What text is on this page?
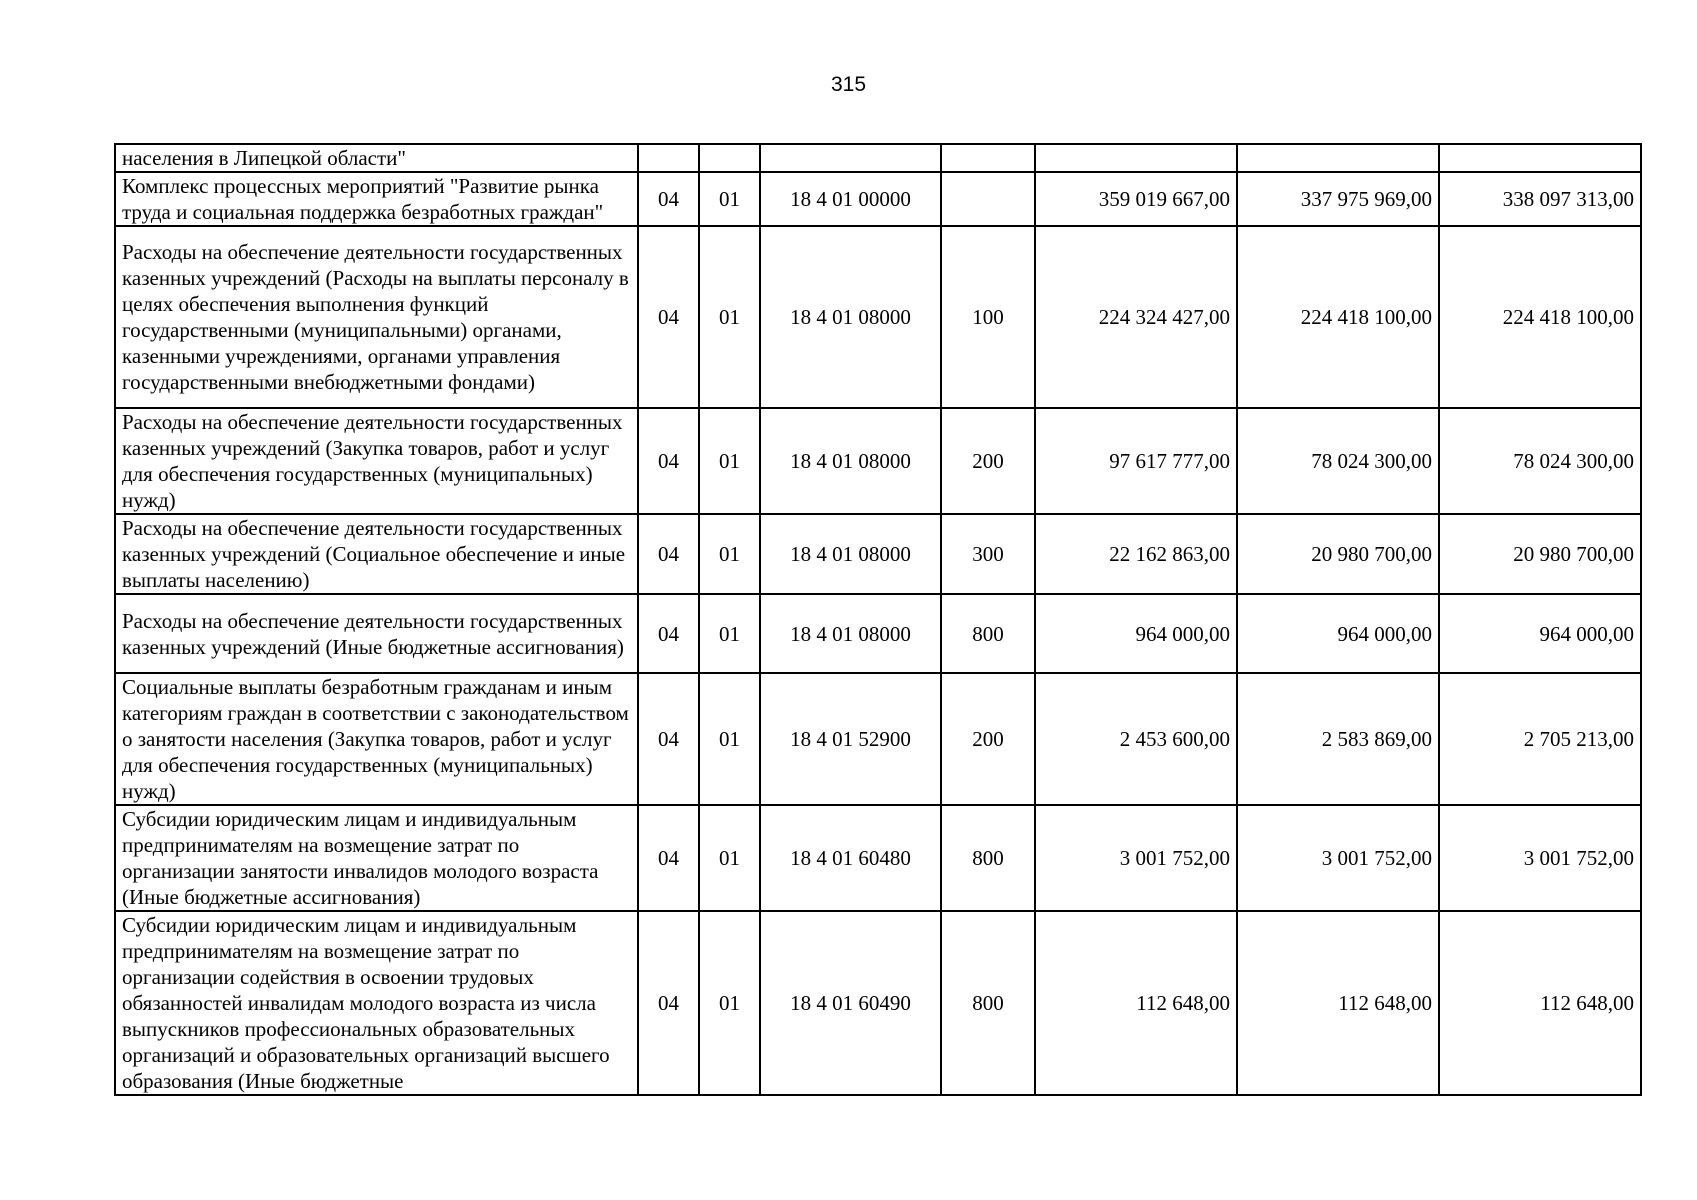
315
населения в Липецкой области"							
Комплекс процессных мероприятий "Развитие рынка труда и социальная поддержка безработных граждан"	04	01	18 4 01 00000		359 019 667,00	337 975 969,00	338 097 313,00
Расходы на обеспечение деятельности государственных казенных учреждений (Расходы на выплаты персоналу в целях обеспечения выполнения функций государственными (муниципальными) органами, казенными учреждениями, органами управления государственными внебюджетными фондами)	04	01	18 4 01 08000	100	224 324 427,00	224 418 100,00	224 418 100,00
Расходы на обеспечение деятельности государственных казенных учреждений (Закупка товаров, работ и услуг для обеспечения государственных (муниципальных) нужд)	04	01	18 4 01 08000	200	97 617 777,00	78 024 300,00	78 024 300,00
Расходы на обеспечение деятельности государственных казенных учреждений (Социальное обеспечение и иные выплаты населению)	04	01	18 4 01 08000	300	22 162 863,00	20 980 700,00	20 980 700,00
Расходы на обеспечение деятельности государственных казенных учреждений (Иные бюджетные ассигнования)	04	01	18 4 01 08000	800	964 000,00	964 000,00	964 000,00
Социальные выплаты безработным гражданам и иным категориям граждан в соответствии с законодательством о занятости населения (Закупка товаров, работ и услуг для обеспечения государственных (муниципальных) нужд)	04	01	18 4 01 52900	200	2 453 600,00	2 583 869,00	2 705 213,00
Субсидии юридическим лицам и индивидуальным предпринимателям на возмещение затрат по организации занятости инвалидов молодого возраста (Иные бюджетные ассигнования)	04	01	18 4 01 60480	800	3 001 752,00	3 001 752,00	3 001 752,00
Субсидии юридическим лицам и индивидуальным предпринимателям на возмещение затрат по организации содействия в освоении трудовых обязанностей инвалидам молодого возраста из числа выпускников профессиональных образовательных организаций и образовательных организаций высшего образования (Иные бюджетные	04	01	18 4 01 60490	800	112 648,00	112 648,00	112 648,00
